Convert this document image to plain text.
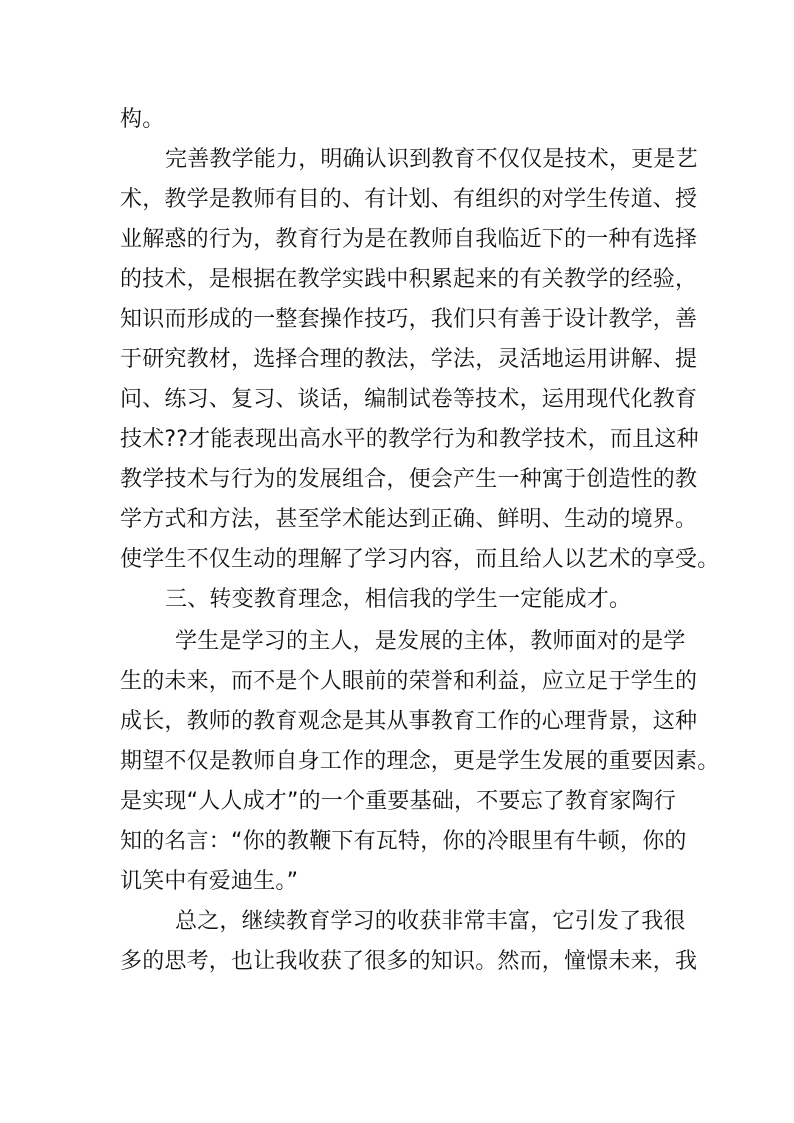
构。
完善教学能力，明确认识到教育不仅仅是技术，更是艺
术，教学是教师有目的、有计划、有组织的对学生传道、授
业解惑的行为，教育行为是在教师自我临近下的一种有选择
的技术，是根据在教学实践中积累起来的有关教学的经验，
知识而形成的一整套操作技巧，我们只有善于设计教学，善
于研究教材，选择合理的教法，学法，灵活地运用讲解、提
问、练习、复习、谈话，编制试卷等技术，运用现代化教育
技术??才能表现出高水平的教学行为和教学技术，而且这种
教学技术与行为的发展组合，便会产生一种寓于创造性的教
学方式和方法，甚至学术能达到正确、鲜明、生动的境界。
使学生不仅生动的理解了学习内容，而且给人以艺术的享受。
三、转变教育理念，相信我的学生一定能成才。
学生是学习的主人，是发展的主体，教师面对的是学
生的未来，而不是个人眼前的荣誉和利益，应立足于学生的
成长，教师的教育观念是其从事教育工作的心理背景，这种
期望不仅是教师自身工作的理念，更是学生发展的重要因素。
是实现“人人成才”的一个重要基础，不要忘了教育家陶行
知的名言：“你的教鞭下有瓦特，你的冷眼里有牛顿，你的
讥笑中有爱迪生。”
总之，继续教育学习的收获非常丰富，它引发了我很
多的思考，也让我收获了很多的知识。然而，憧憬未来，我
